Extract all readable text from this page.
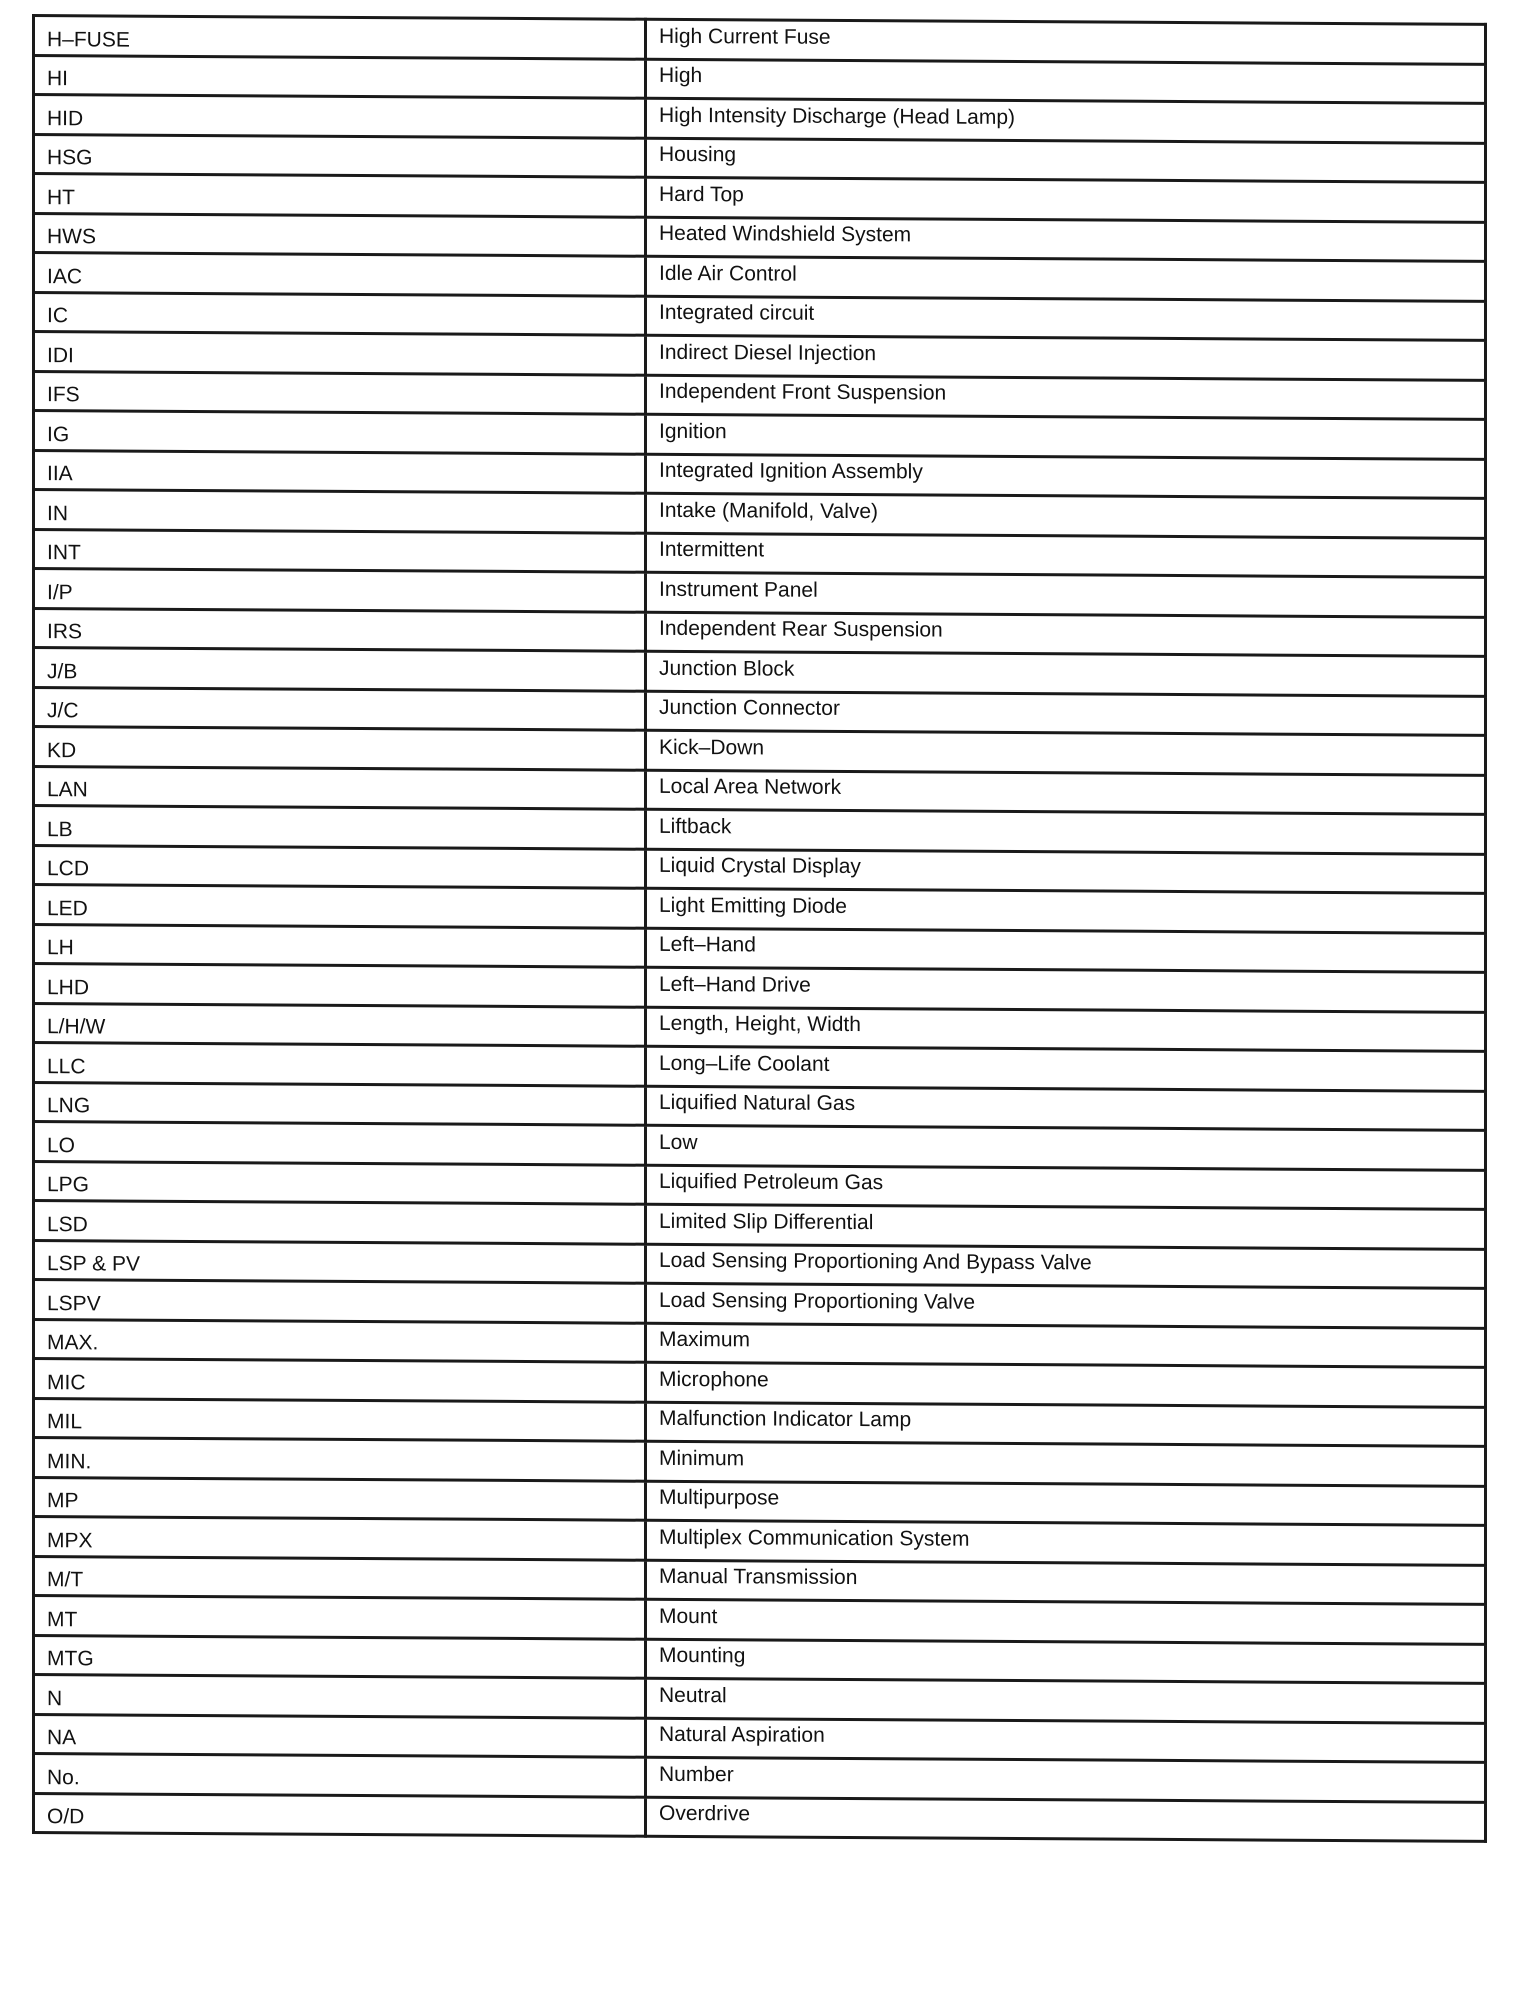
H–FUSE	High Current Fuse
HI	High
HID	High Intensity Discharge (Head Lamp)
HSG	Housing
HT	Hard Top
HWS	Heated Windshield System
IAC	Idle Air Control
IC	Integrated circuit
IDI	Indirect Diesel Injection
IFS	Independent Front Suspension
IG	Ignition
IIA	Integrated Ignition Assembly
IN	Intake (Manifold, Valve)
INT	Intermittent
I/P	Instrument Panel
IRS	Independent Rear Suspension
J/B	Junction Block
J/C	Junction Connector
KD	Kick–Down
LAN	Local Area Network
LB	Liftback
LCD	Liquid Crystal Display
LED	Light Emitting Diode
LH	Left–Hand
LHD	Left–Hand Drive
L/H/W	Length, Height, Width
LLC	Long–Life Coolant
LNG	Liquified Natural Gas
LO	Low
LPG	Liquified Petroleum Gas
LSD	Limited Slip Differential
LSP & PV	Load Sensing Proportioning And Bypass Valve
LSPV	Load Sensing Proportioning Valve
MAX.	Maximum
MIC	Microphone
MIL	Malfunction Indicator Lamp
MIN.	Minimum
MP	Multipurpose
MPX	Multiplex Communication System
M/T	Manual Transmission
MT	Mount
MTG	Mounting
N	Neutral
NA	Natural Aspiration
No.	Number
O/D	Overdrive
